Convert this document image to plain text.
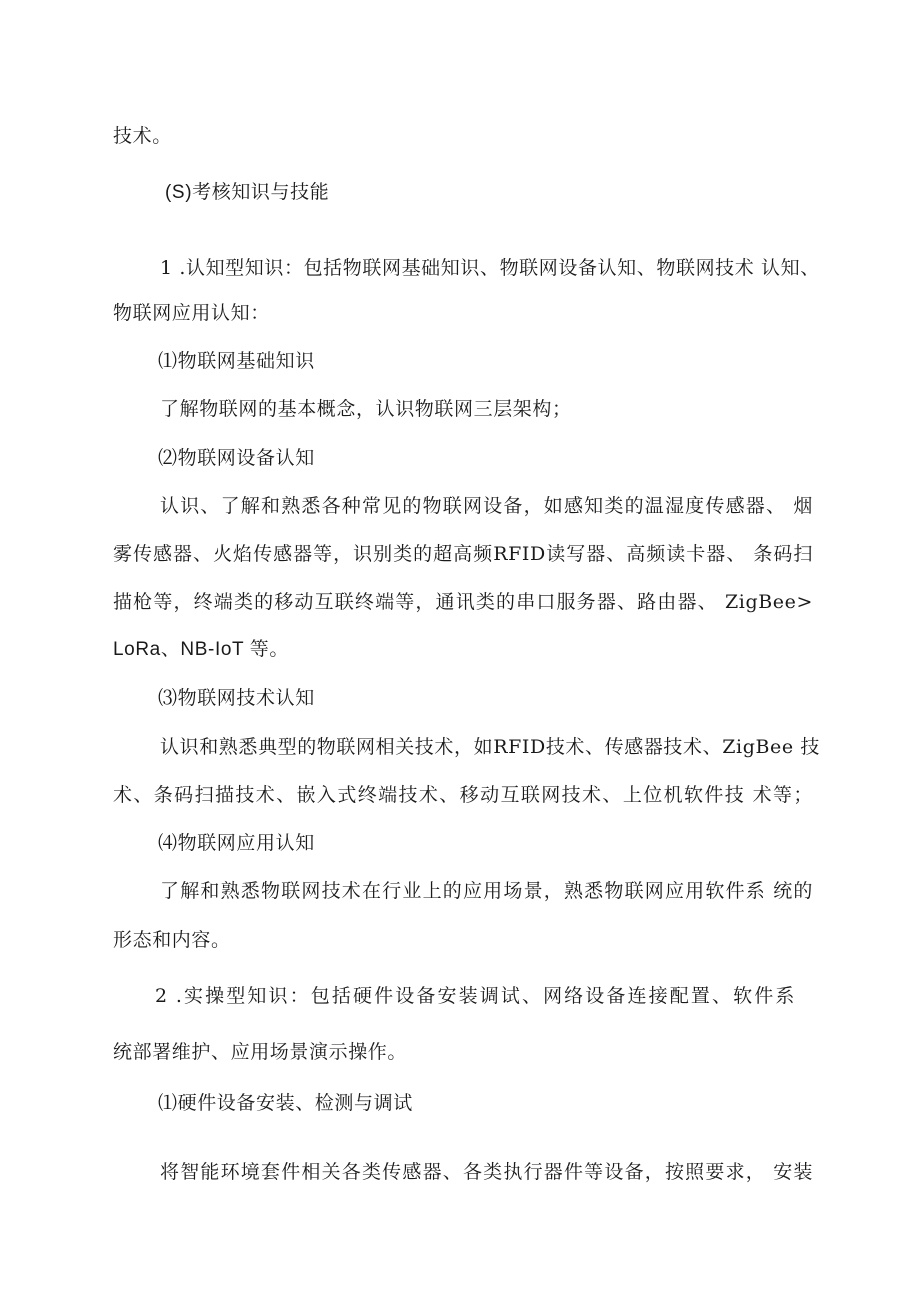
技术。
(S)考核知识与技能
1 .认知型知识：包括物联网基础知识、物联网设备认知、物联网技术 认知、
物联网应用认知：
⑴物联网基础知识
了解物联网的基本概念，认识物联网三层架构；
⑵物联网设备认知
认识、了解和熟悉各种常见的物联网设备，如感知类的温湿度传感器、 烟
雾传感器、火焰传感器等，识别类的超高频RFID读写器、高频读卡器、 条码扫
描枪等，终端类的移动互联终端等，通讯类的串口服务器、路由器、 ZigBee>
LoRa、NB-IoT 等。
⑶物联网技术认知
认识和熟悉典型的物联网相关技术，如RFID技术、传感器技术、ZigBee 技
术、条码扫描技术、嵌入式终端技术、移动互联网技术、上位机软件技 术等；
⑷物联网应用认知
了解和熟悉物联网技术在行业上的应用场景，熟悉物联网应用软件系 统的
形态和内容。
2 .实操型知识：包括硬件设备安装调试、网络设备连接配置、软件系
统部署维护、应用场景演示操作。
⑴硬件设备安装、检测与调试
将智能环境套件相关各类传感器、各类执行器件等设备，按照要求， 安装
